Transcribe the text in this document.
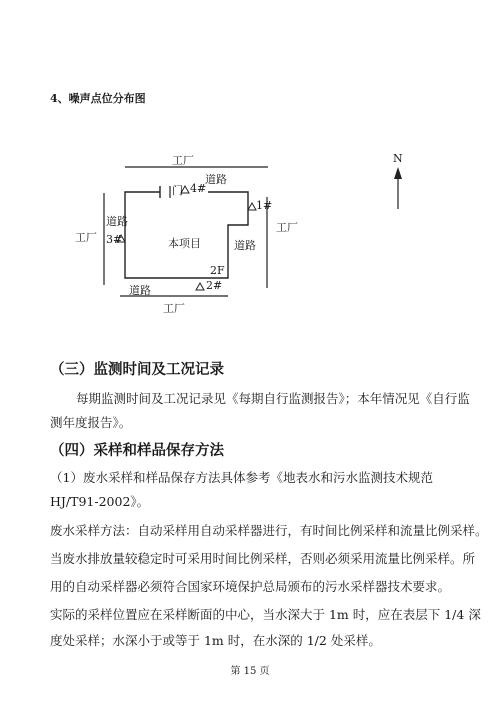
4、噪声点位分布图
工厂
道路
门 4#
1#
工厂
道路
道路
工厂 3#	本项目
2F
道路	2#
工厂
N
（三）监测时间及工况记录
每期监测时间及工况记录见《每期自行监测报告》；本年情况见《自行监
测年度报告》。
（四）采样和样品保存方法
（1）废水采样和样品保存方法具体参考《地表水和污水监测技术规范
HJ/T91-2002》。
废水采样方法：自动采样用自动采样器进行，有时间比例采样和流量比例采样。
当废水排放量较稳定时可采用时间比例采样，否则必须采用流量比例采样。所
用的自动采样器必须符合国家环境保护总局颁布的污水采样器技术要求。
实际的采样位置应在采样断面的中心，当水深大于 1m 时，应在表层下 1/4 深
度处采样；水深小于或等于 1m 时，在水深的 1/2 处采样。
第 15 页
